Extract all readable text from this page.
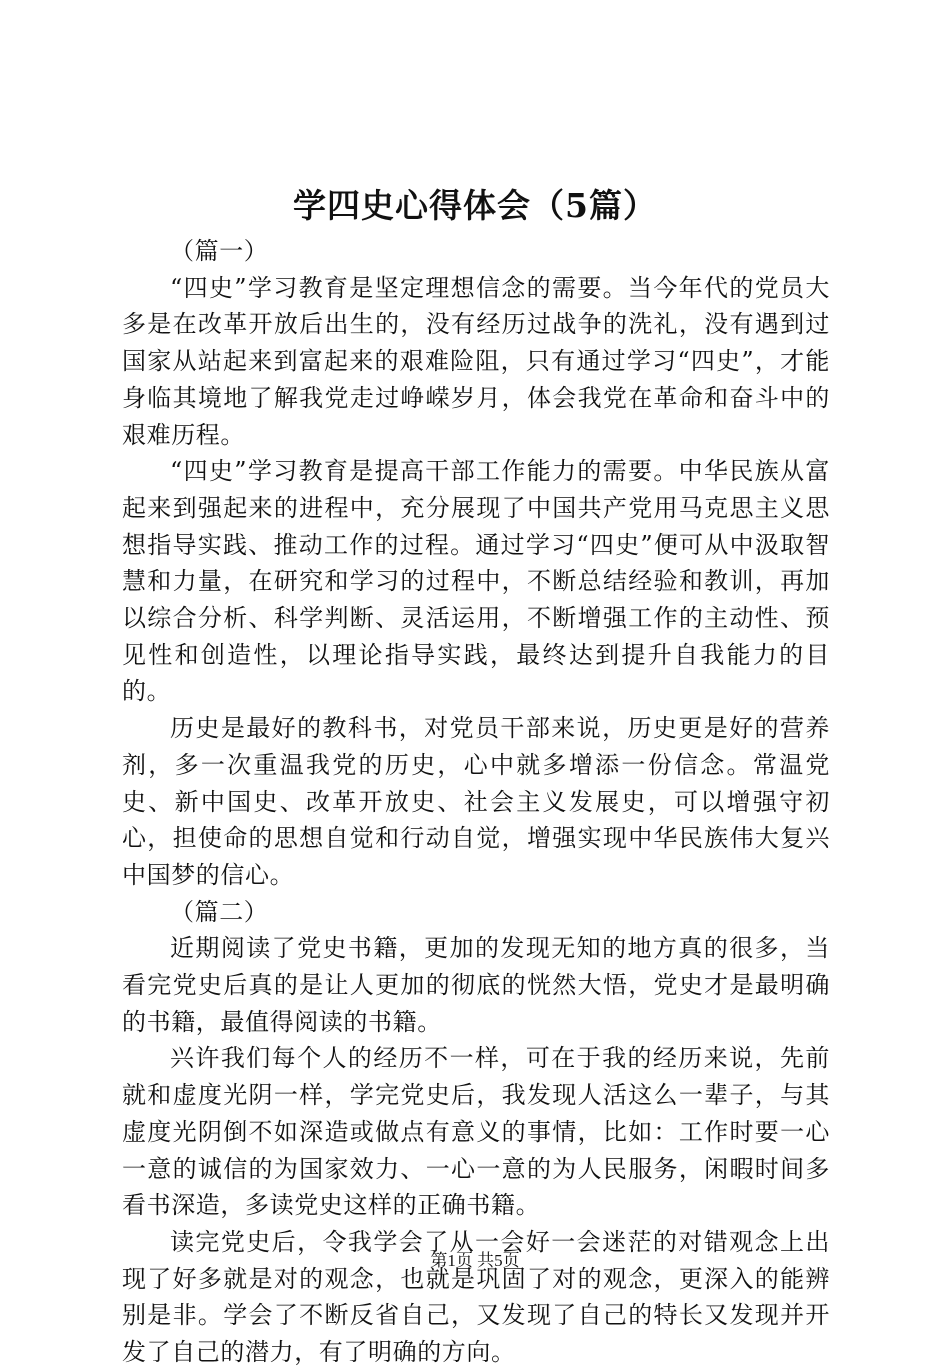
学四史心得体会（5篇）

（篇一）

“四史”学习教育是坚定理想信念的需要。当今年代的党员大多是在改革开放后出生的，没有经历过战争的洗礼，没有遇到过国家从站起来到富起来的艰难险阻，只有通过学习“四史”，才能身临其境地了解我党走过峥嵘岁月，体会我党在革命和奋斗中的艰难历程。

“四史”学习教育是提高干部工作能力的需要。中华民族从富起来到强起来的进程中，充分展现了中国共产党用马克思主义思想指导实践、推动工作的过程。通过学习“四史”便可从中汲取智慧和力量，在研究和学习的过程中，不断总结经验和教训，再加以综合分析、科学判断、灵活运用，不断增强工作的主动性、预见性和创造性，以理论指导实践，最终达到提升自我能力的目的。

历史是最好的教科书，对党员干部来说，历史更是好的营养剂，多一次重温我党的历史，心中就多增添一份信念。常温党史、新中国史、改革开放史、社会主义发展史，可以增强守初心，担使命的思想自觉和行动自觉，增强实现中华民族伟大复兴中国梦的信心。

（篇二）

近期阅读了党史书籍，更加的发现无知的地方真的很多，当看完党史后真的是让人更加的彻底的恍然大悟，党史才是最明确的书籍，最值得阅读的书籍。

兴许我们每个人的经历不一样，可在于我的经历来说，先前就和虚度光阴一样，学完党史后，我发现人活这么一辈子，与其虚度光阴倒不如深造或做点有意义的事情，比如：工作时要一心一意的诚信的为国家效力、一心一意的为人民服务，闲暇时间多看书深造，多读党史这样的正确书籍。

读完党史后，令我学会了从一会好一会迷茫的对错观念上出现了好多就是对的观念，也就是巩固了对的观念，更深入的能辨别是非。学会了不断反省自己，又发现了自己的特长又发现并开发了自己的潜力，有了明确的方向。

第1页 共5页
